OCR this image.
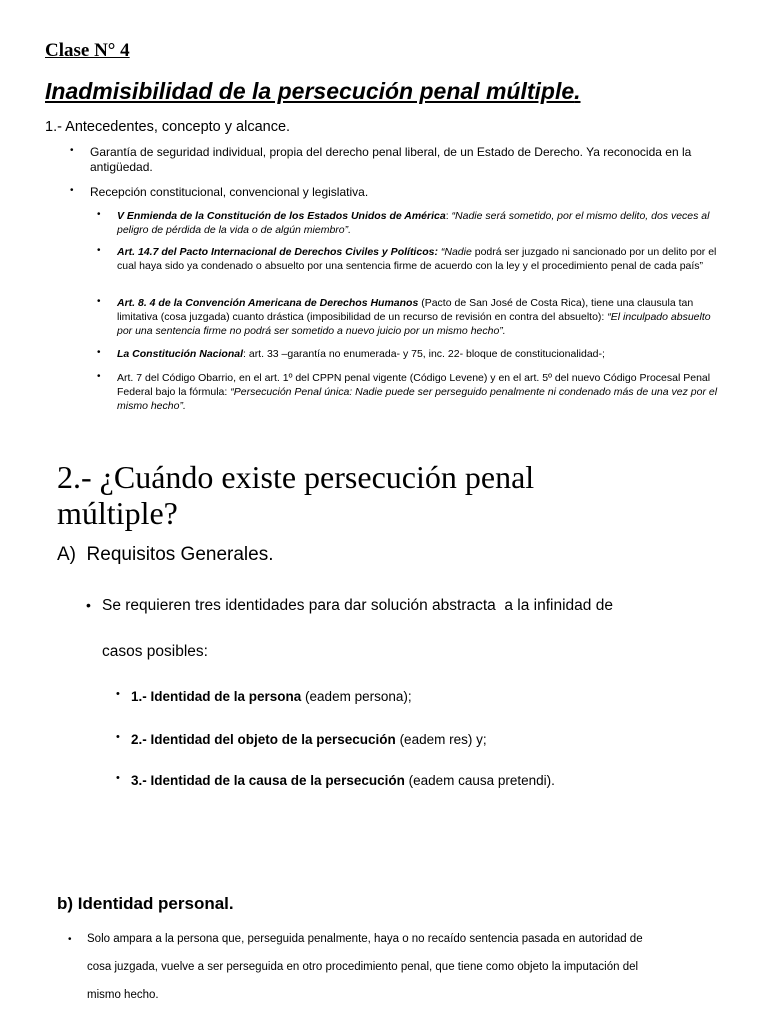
Clase N° 4
Inadmisibilidad de la persecución penal múltiple.
1.- Antecedentes, concepto y alcance.
• Garantía de seguridad individual, propia del derecho penal liberal, de un Estado de Derecho. Ya reconocida en la antigüedad.
• Recepción constitucional, convencional y legislativa.
• V Enmienda de la Constitución de los Estados Unidos de América: “Nadie será sometido, por el mismo delito, dos veces al peligro de pérdida de la vida o de algún miembro”.
• Art. 14.7 del Pacto Internacional de Derechos Civiles y Políticos: “Nadie podrá ser juzgado ni sancionado por un delito por el cual haya sido ya condenado o absuelto por una sentencia firme de acuerdo con la ley y el procedimiento penal de cada país”
• Art. 8. 4 de la Convención Americana de Derechos Humanos (Pacto de San José de Costa Rica), tiene una clausula tan limitativa (cosa juzgada) cuanto drástica (imposibilidad de un recurso de revisión en contra del absuelto): “El inculpado absuelto por una sentencia firme no podrá ser sometido a nuevo juicio por un mismo hecho”.
• La Constitución Nacional: art. 33 –garantía no enumerada- y 75, inc. 22- bloque de constitucionalidad-;
• Art. 7 del Código Obarrio, en el art. 1º del CPPN penal vigente (Código Levene) y en el art. 5º del nuevo Código Procesal Penal Federal bajo la fórmula: “Persecución Penal única: Nadie puede ser perseguido penalmente ni condenado más de una vez por el mismo hecho”.
2.- ¿Cuándo existe persecución penal
múltiple?
A)  Requisitos Generales.
• Se requieren tres identidades para dar solución abstracta  a la infinidad de
casos posibles:
• 1.- Identidad de la persona (eadem persona);
• 2.- Identidad del objeto de la persecución (eadem res) y;
• 3.- Identidad de la causa de la persecución (eadem causa pretendi).
b) Identidad personal.
• Solo ampara a la persona que, perseguida penalmente, haya o no recaído sentencia pasada en autoridad de
cosa juzgada, vuelve a ser perseguida en otro procedimiento penal, que tiene como objeto la imputación del
mismo hecho.
